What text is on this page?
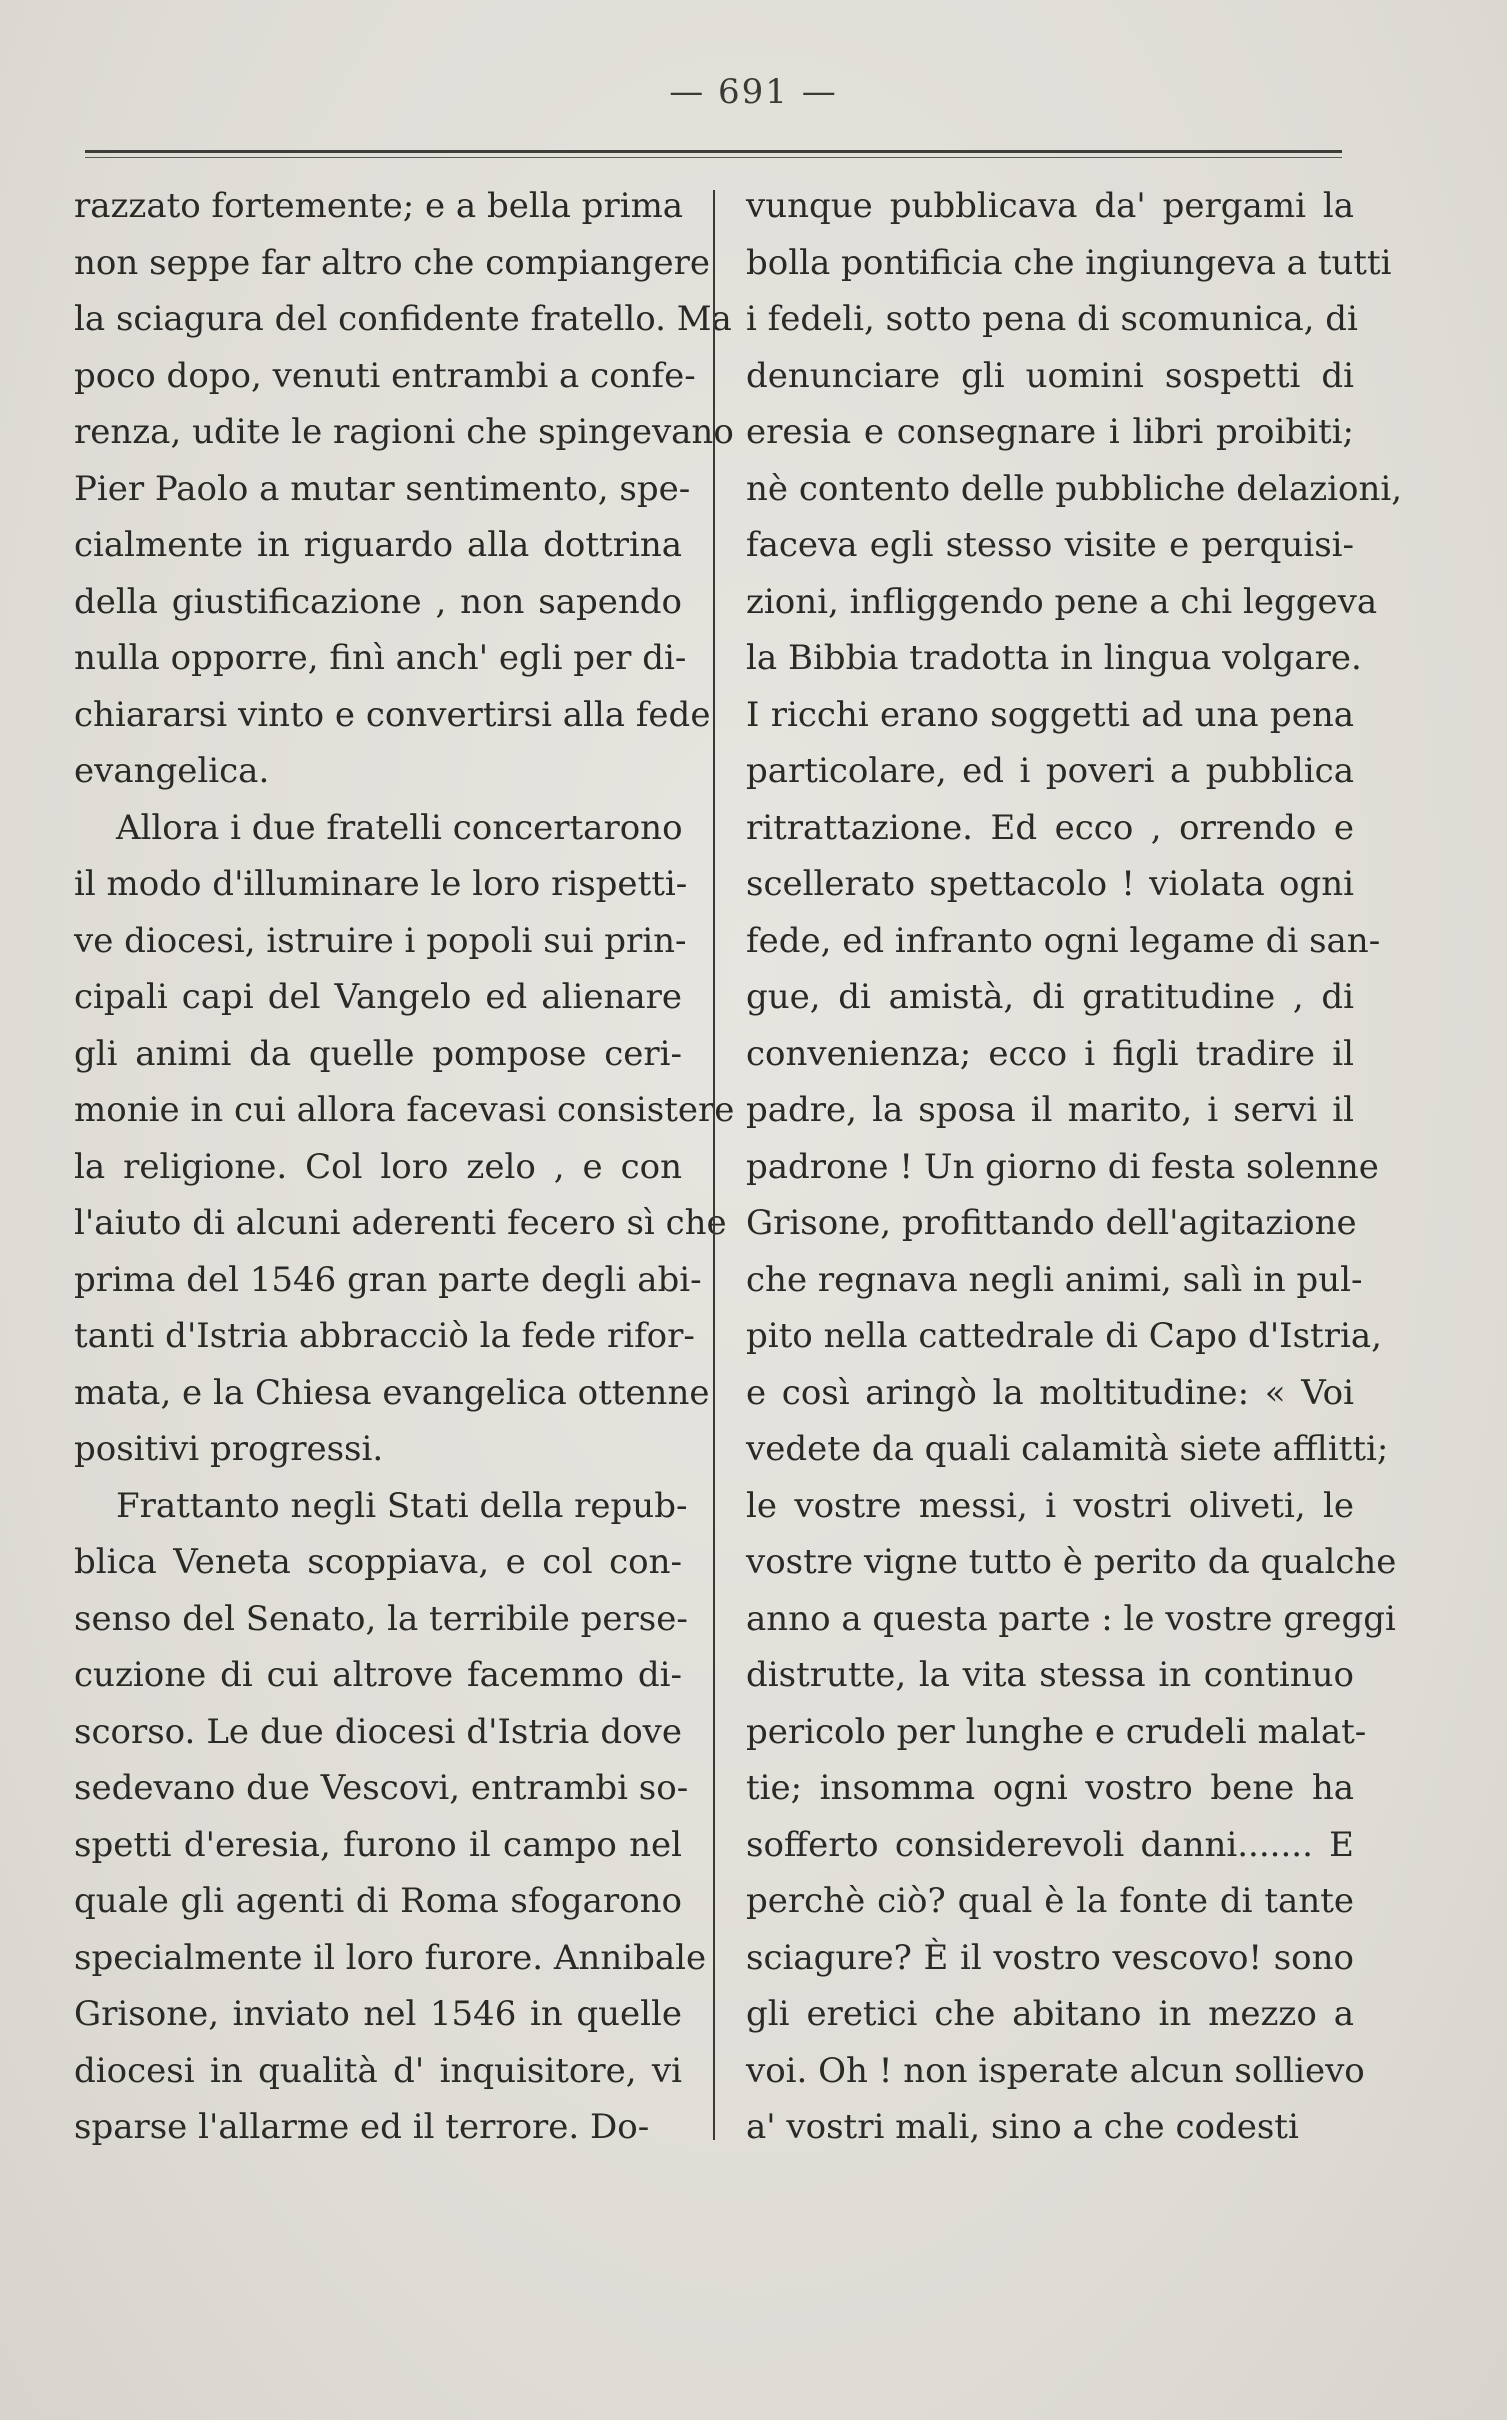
— 691 —
razzato fortemente; e a bella prima
non seppe far altro che compiangere
la sciagura del confidente fratello. Ma
poco dopo, venuti entrambi a confe-
renza, udite le ragioni che spingevano
Pier Paolo a mutar sentimento, spe-
cialmente in riguardo alla dottrina
della giustificazione , non sapendo
nulla opporre, finì anch' egli per di-
chiararsi vinto e convertirsi alla fede
evangelica.
Allora i due fratelli concertarono
il modo d'illuminare le loro rispetti-
ve diocesi, istruire i popoli sui prin-
cipali capi del Vangelo ed alienare
gli animi da quelle pompose ceri-
monie in cui allora facevasi consistere
la religione. Col loro zelo , e con
l'aiuto di alcuni aderenti fecero sì che
prima del 1546 gran parte degli abi-
tanti d'Istria abbracciò la fede rifor-
mata, e la Chiesa evangelica ottenne
positivi progressi.
Frattanto negli Stati della repub-
blica Veneta scoppiava, e col con-
senso del Senato, la terribile perse-
cuzione di cui altrove facemmo di-
scorso. Le due diocesi d'Istria dove
sedevano due Vescovi, entrambi so-
spetti d'eresia, furono il campo nel
quale gli agenti di Roma sfogarono
specialmente il loro furore. Annibale
Grisone, inviato nel 1546 in quelle
diocesi in qualità d' inquisitore, vi
sparse l'allarme ed il terrore. Do-
vunque pubblicava da' pergami la
bolla pontificia che ingiungeva a tutti
i fedeli, sotto pena di scomunica, di
denunciare gli uomini sospetti di
eresia e consegnare i libri proibiti;
nè contento delle pubbliche delazioni,
faceva egli stesso visite e perquisi-
zioni, infliggendo pene a chi leggeva
la Bibbia tradotta in lingua volgare.
I ricchi erano soggetti ad una pena
particolare, ed i poveri a pubblica
ritrattazione. Ed ecco , orrendo e
scellerato spettacolo ! violata ogni
fede, ed infranto ogni legame di san-
gue, di amistà, di gratitudine , di
convenienza; ecco i figli tradire il
padre, la sposa il marito, i servi il
padrone ! Un giorno di festa solenne
Grisone, profittando dell'agitazione
che regnava negli animi, salì in pul-
pito nella cattedrale di Capo d'Istria,
e così aringò la moltitudine: « Voi
vedete da quali calamità siete afflitti;
le vostre messi, i vostri oliveti, le
vostre vigne tutto è perito da qualche
anno a questa parte : le vostre greggi
distrutte, la vita stessa in continuo
pericolo per lunghe e crudeli malat-
tie; insomma ogni vostro bene ha
sofferto considerevoli danni....... E
perchè ciò? qual è la fonte di tante
sciagure? È il vostro vescovo! sono
gli eretici che abitano in mezzo a
voi. Oh ! non isperate alcun sollievo
a' vostri mali, sino a che codesti
